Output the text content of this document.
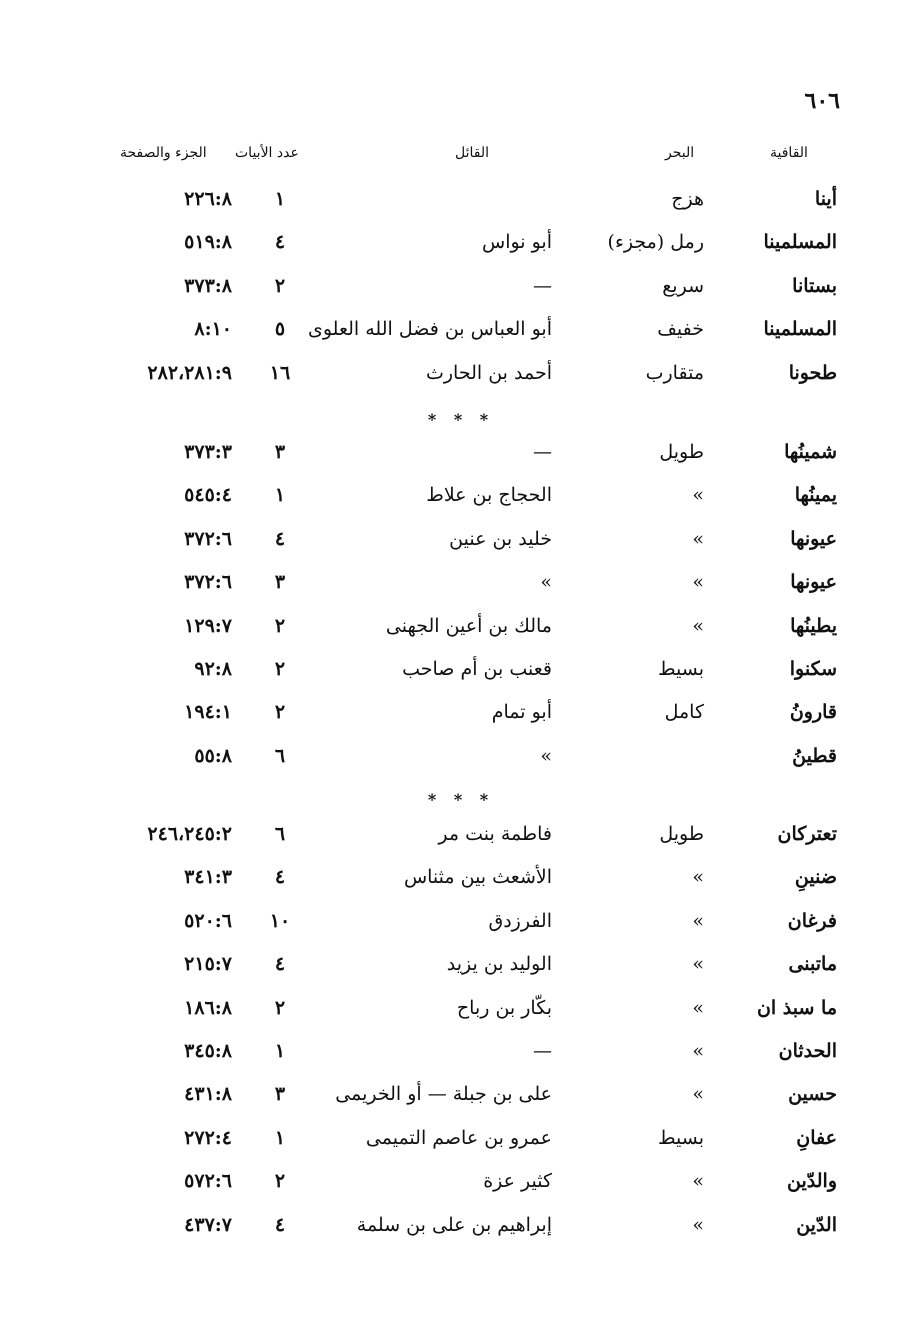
٦٠٦
القافية
البحر
القائل
عدد الأبيات
الجزء والصفحة
أينا
هزج
١
٢٢٦:٨
المسلمينا
رمل (مجزء)
أبو نواس
٤
٥١٩:٨
بستانا
سريع
—
٢
٣٧٣:٨
المسلمينا
خفيف
أبو العباس بن فضل الله العلوى
٥
٨:١٠
طحونا
متقارب
أحمد بن الحارث
١٦
٢٨٢،٢٨١:٩
* * *
شمينُها
طويل
—
٣
٣٧٣:٣
يمينُها
»
الحجاج بن علاط
١
٥٤٥:٤
عيونها
»
خليد بن عنين
٤
٣٧٢:٦
عيونها
»
»
٣
٣٧٢:٦
يطينُها
»
مالك بن أعين الجهنى
٢
١٢٩:٧
سكنوا
بسيط
قعنب بن أم صاحب
٢
٩٢:٨
قارونُ
كامل
أبو تمام
٢
١٩٤:١
قطينُ
»
٦
٥٥:٨
* * *
تعتركان
طويل
فاطمة بنت مر
٦
٢٤٦،٢٤٥:٢
ضنينِ
»
الأشعث بين مثناس
٤
٣٤١:٣
فرغان
»
الفرزدق
١٠
٥٢٠:٦
ماتبنى
»
الوليد بن يزيد
٤
٢١٥:٧
ما سبذ ان
»
بكّار بن رباح
٢
١٨٦:٨
الحدثان
»
—
١
٣٤٥:٨
حسين
»
على بن جبلة — أو الخريمى
٣
٤٣١:٨
عفانِ
بسيط
عمرو بن عاصم التميمى
١
٢٧٢:٤
والدّين
»
كثير عزة
٢
٥٧٢:٦
الدّين
»
إبراهيم بن على بن سلمة
٤
٤٣٧:٧
